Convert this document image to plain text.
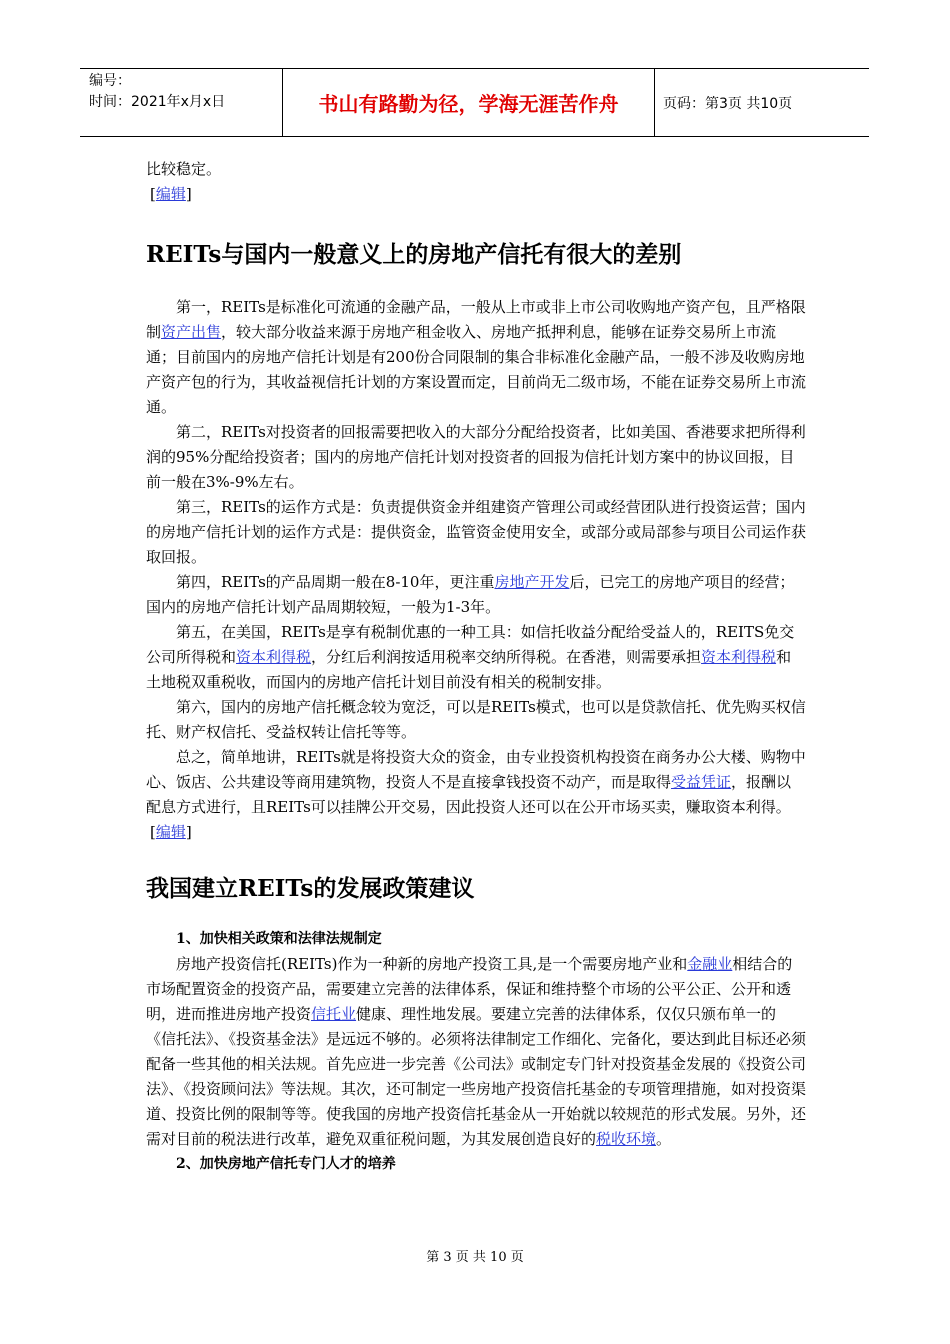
编号：
时间：2021年x月x日	书山有路勤为径，学海无涯苦作舟	页码：第3页 共10页

比较稳定。

[编辑]
REITs与国内一般意义上的房地产信托有很大的差别

第一，REITs是标准化可流通的金融产品，一般从上市或非上市公司收购地产资产包，且严格限制资产出售，较大部分收益来源于房地产租金收入、房地产抵押利息，能够在证券交易所上市流通；目前国内的房地产信托计划是有200份合同限制的集合非标准化金融产品，一般不涉及收购房地产资产包的行为，其收益视信托计划的方案设置而定，目前尚无二级市场，不能在证券交易所上市流通。

第二，REITs对投资者的回报需要把收入的大部分分配给投资者，比如美国、香港要求把所得利润的95%分配给投资者；国内的房地产信托计划对投资者的回报为信托计划方案中的协议回报，目前一般在3%-9%左右。

第三，REITs的运作方式是：负责提供资金并组建资产管理公司或经营团队进行投资运营；国内的房地产信托计划的运作方式是：提供资金，监管资金使用安全，或部分或局部参与项目公司运作获取回报。

第四，REITs的产品周期一般在8-10年，更注重房地产开发后，已完工的房地产项目的经营；国内的房地产信托计划产品周期较短，一般为1-3年。

第五，在美国，REITs是享有税制优惠的一种工具：如信托收益分配给受益人的，REITS免交公司所得税和资本利得税，分红后利润按适用税率交纳所得税。在香港，则需要承担资本利得税和土地税双重税收，而国内的房地产信托计划目前没有相关的税制安排。

第六，国内的房地产信托概念较为宽泛，可以是REITs模式，也可以是贷款信托、优先购买权信托、财产权信托、受益权转让信托等等。

总之，简单地讲，REITs就是将投资大众的资金，由专业投资机构投资在商务办公大楼、购物中心、饭店、公共建设等商用建筑物，投资人不是直接拿钱投资不动产，而是取得受益凭证，报酬以配息方式进行，且REITs可以挂牌公开交易，因此投资人还可以在公开市场买卖，赚取资本利得。

[编辑]
我国建立REITs的发展政策建议
1、加快相关政策和法律法规制定

房地产投资信托(REITs)作为一种新的房地产投资工具,是一个需要房地产业和金融业相结合的市场配置资金的投资产品，需要建立完善的法律体系，保证和维持整个市场的公平公正、公开和透明，进而推进房地产投资信托业健康、理性地发展。要建立完善的法律体系，仅仅只颁布单一的《信托法》、《投资基金法》是远远不够的。必须将法律制定工作细化、完备化，要达到此目标还必须配备一些其他的相关法规。首先应进一步完善《公司法》或制定专门针对投资基金发展的《投资公司法》、《投资顾问法》等法规。其次，还可制定一些房地产投资信托基金的专项管理措施，如对投资渠道、投资比例的限制等等。使我国的房地产投资信托基金从一开始就以较规范的形式发展。另外，还需对目前的税法进行改革，避免双重征税问题，为其发展创造良好的税收环境。

2、加快房地产信托专门人才的培养
第 3 页 共 10 页
